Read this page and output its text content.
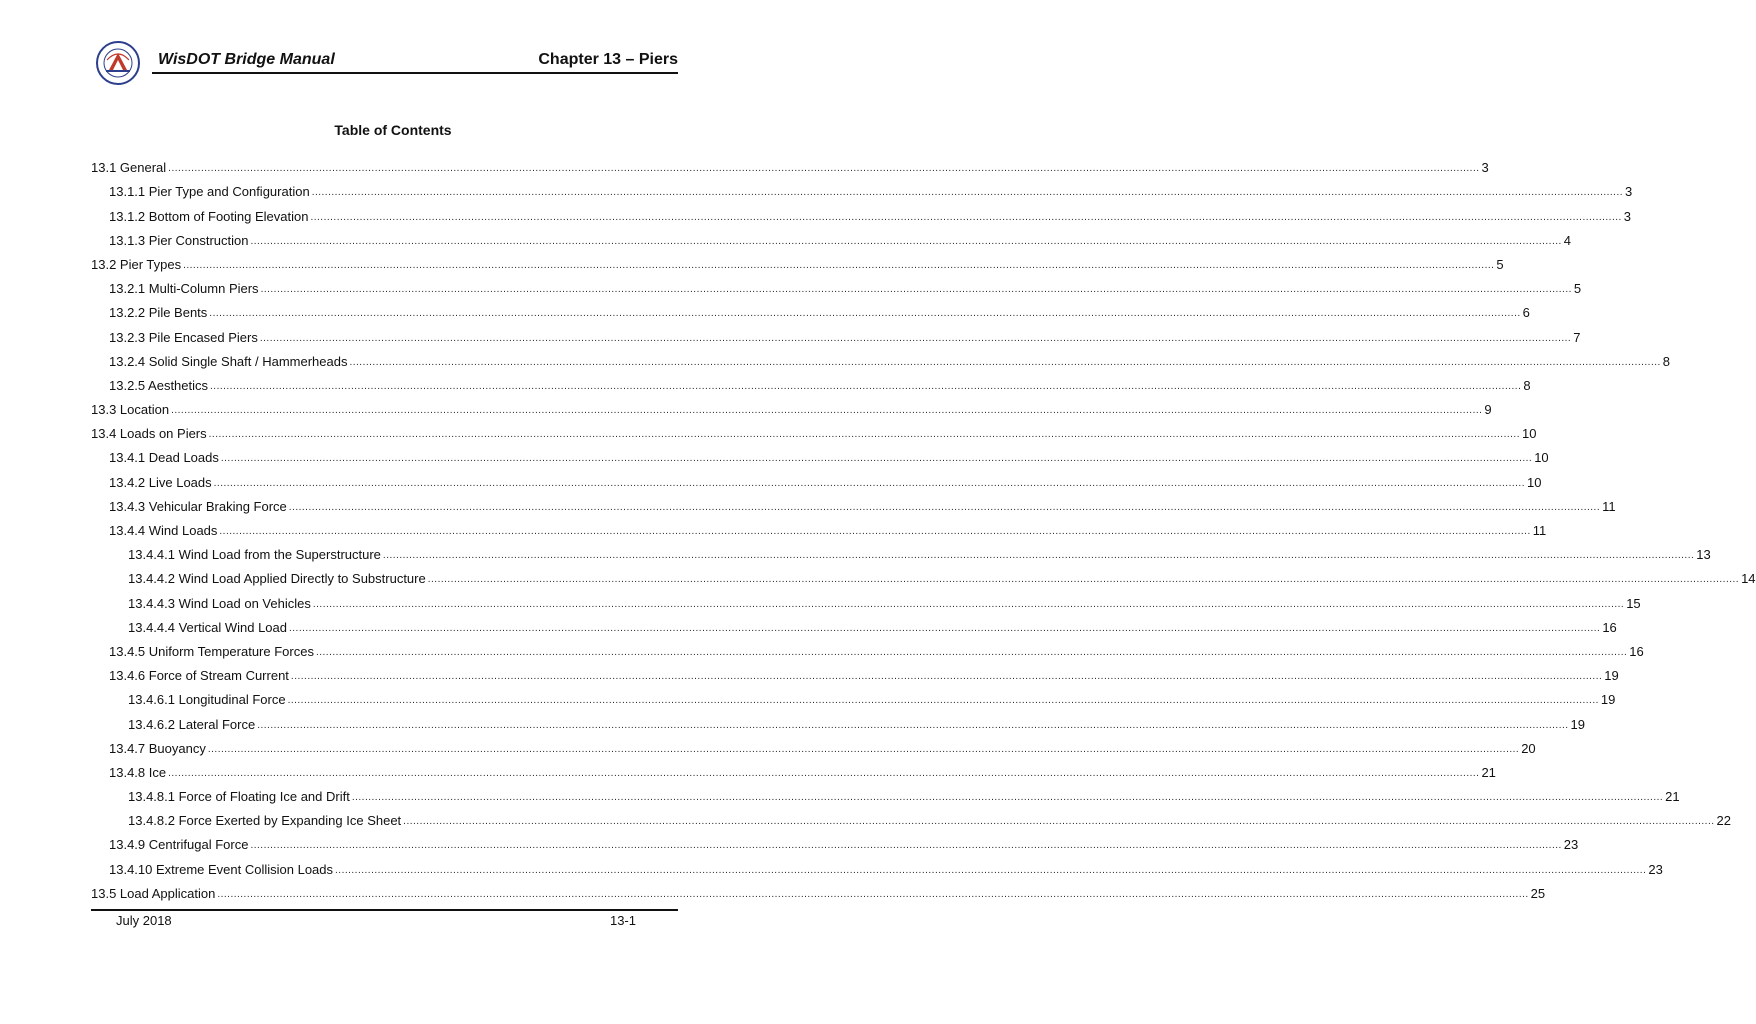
WisDOT Bridge Manual	Chapter 13 – Piers
Table of Contents
13.1 General ................................................................................................................................................................................................................................................................................................................................................................................................................ 3
13.1.1 Pier Type and Configuration ................................................................................................................................................................................................................................................................................................................................................................................................................ 3
13.1.2 Bottom of Footing Elevation ................................................................................................................................................................................................................................................................................................................................................................................................................ 3
13.1.3 Pier Construction ................................................................................................................................................................................................................................................................................................................................................................................................................ 4
13.2 Pier Types ................................................................................................................................................................................................................................................................................................................................................................................................................ 5
13.2.1 Multi-Column Piers ................................................................................................................................................................................................................................................................................................................................................................................................................ 5
13.2.2 Pile Bents ................................................................................................................................................................................................................................................................................................................................................................................................................ 6
13.2.3 Pile Encased Piers ................................................................................................................................................................................................................................................................................................................................................................................................................ 7
13.2.4 Solid Single Shaft / Hammerheads ................................................................................................................................................................................................................................................................................................................................................................................................................ 8
13.2.5 Aesthetics ................................................................................................................................................................................................................................................................................................................................................................................................................ 8
13.3 Location ................................................................................................................................................................................................................................................................................................................................................................................................................ 9
13.4 Loads on Piers ................................................................................................................................................................................................................................................................................................................................................................................................................ 10
13.4.1 Dead Loads ................................................................................................................................................................................................................................................................................................................................................................................................................ 10
13.4.2 Live Loads ................................................................................................................................................................................................................................................................................................................................................................................................................ 10
13.4.3 Vehicular Braking Force ................................................................................................................................................................................................................................................................................................................................................................................................................ 11
13.4.4 Wind Loads ................................................................................................................................................................................................................................................................................................................................................................................................................ 11
13.4.4.1 Wind Load from the Superstructure ................................................................................................................................................................................................................................................................................................................................................................................................................ 13
13.4.4.2 Wind Load Applied Directly to Substructure ................................................................................................................................................................................................................................................................................................................................................................................................................ 14
13.4.4.3 Wind Load on Vehicles ................................................................................................................................................................................................................................................................................................................................................................................................................ 15
13.4.4.4 Vertical Wind Load ................................................................................................................................................................................................................................................................................................................................................................................................................ 16
13.4.5 Uniform Temperature Forces ................................................................................................................................................................................................................................................................................................................................................................................................................ 16
13.4.6 Force of Stream Current ................................................................................................................................................................................................................................................................................................................................................................................................................ 19
13.4.6.1 Longitudinal Force ................................................................................................................................................................................................................................................................................................................................................................................................................ 19
13.4.6.2 Lateral Force ................................................................................................................................................................................................................................................................................................................................................................................................................ 19
13.4.7 Buoyancy ................................................................................................................................................................................................................................................................................................................................................................................................................ 20
13.4.8 Ice ................................................................................................................................................................................................................................................................................................................................................................................................................ 21
13.4.8.1 Force of Floating Ice and Drift ................................................................................................................................................................................................................................................................................................................................................................................................................ 21
13.4.8.2 Force Exerted by Expanding Ice Sheet ................................................................................................................................................................................................................................................................................................................................................................................................................ 22
13.4.9 Centrifugal Force ................................................................................................................................................................................................................................................................................................................................................................................................................ 23
13.4.10 Extreme Event Collision Loads ................................................................................................................................................................................................................................................................................................................................................................................................................ 23
13.5 Load Application ................................................................................................................................................................................................................................................................................................................................................................................................................ 25
July 2018	13-1
